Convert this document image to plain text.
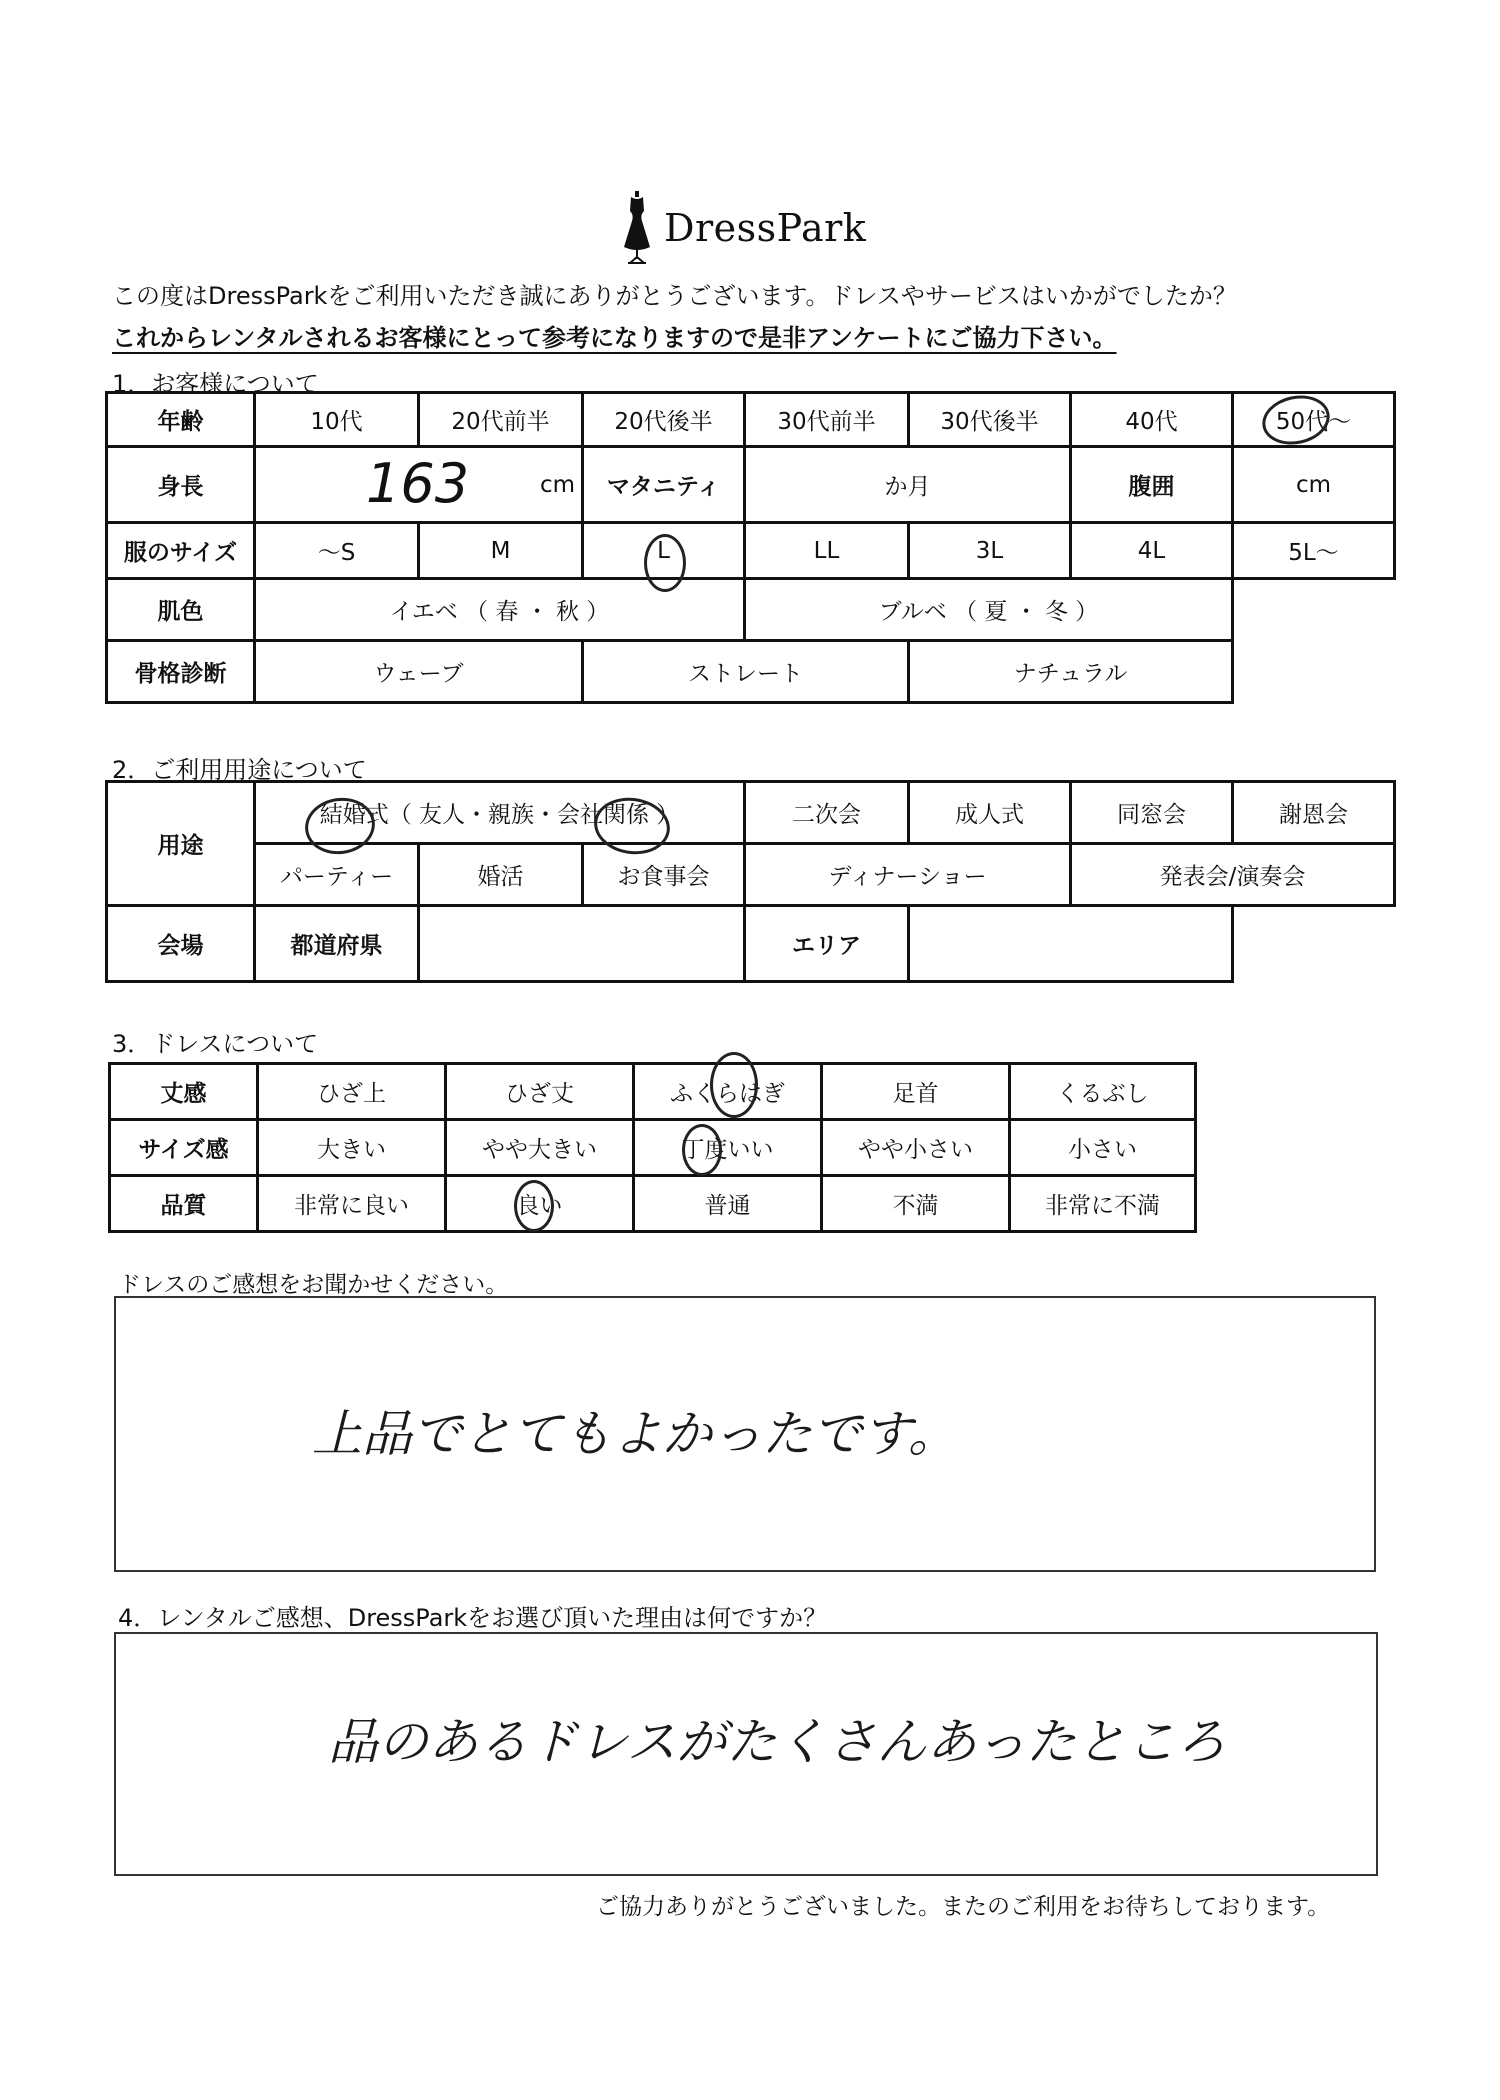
DressPark
この度はDressParkをご利用いただき誠にありがとうございます。ドレスやサービスはいかがでしたか？
これからレンタルされるお客様にとって参考になりますので是非アンケートにご協力下さい。
1．お客様について
年齢	10代	20代前半	20代後半	30代前半	30代後半	40代	50代～
身長	163 cm		マタニティ	か月		腹囲	cm
服のサイズ	～S	M	L	LL	3L	4L	5L～
肌色	イエベ （ 春 ・ 秋 ）			ブルベ （ 夏 ・ 冬 ）			
骨格診断	ウェーブ		ストレート		ナチュラル		
2．ご利用用途について
用途	結婚式（ 友人・親族・会社関係 ）			二次会	成人式	同窓会	謝恩会
	パーティー	婚活	お食事会	ディナーショー		発表会/演奏会	
会場	都道府県			エリア			
3．ドレスについて
丈感	ひざ上	ひざ丈	ふくらはぎ	足首	くるぶし
サイズ感	大きい	やや大きい	丁度いい	やや小さい	小さい
品質	非常に良い	良い	普通	不満	非常に不満
ドレスのご感想をお聞かせください。
上品でとてもよかったです。
4．レンタルご感想、DressParkをお選び頂いた理由は何ですか？
品のあるドレスがたくさんあったところ
ご協力ありがとうございました。またのご利用をお待ちしております。
